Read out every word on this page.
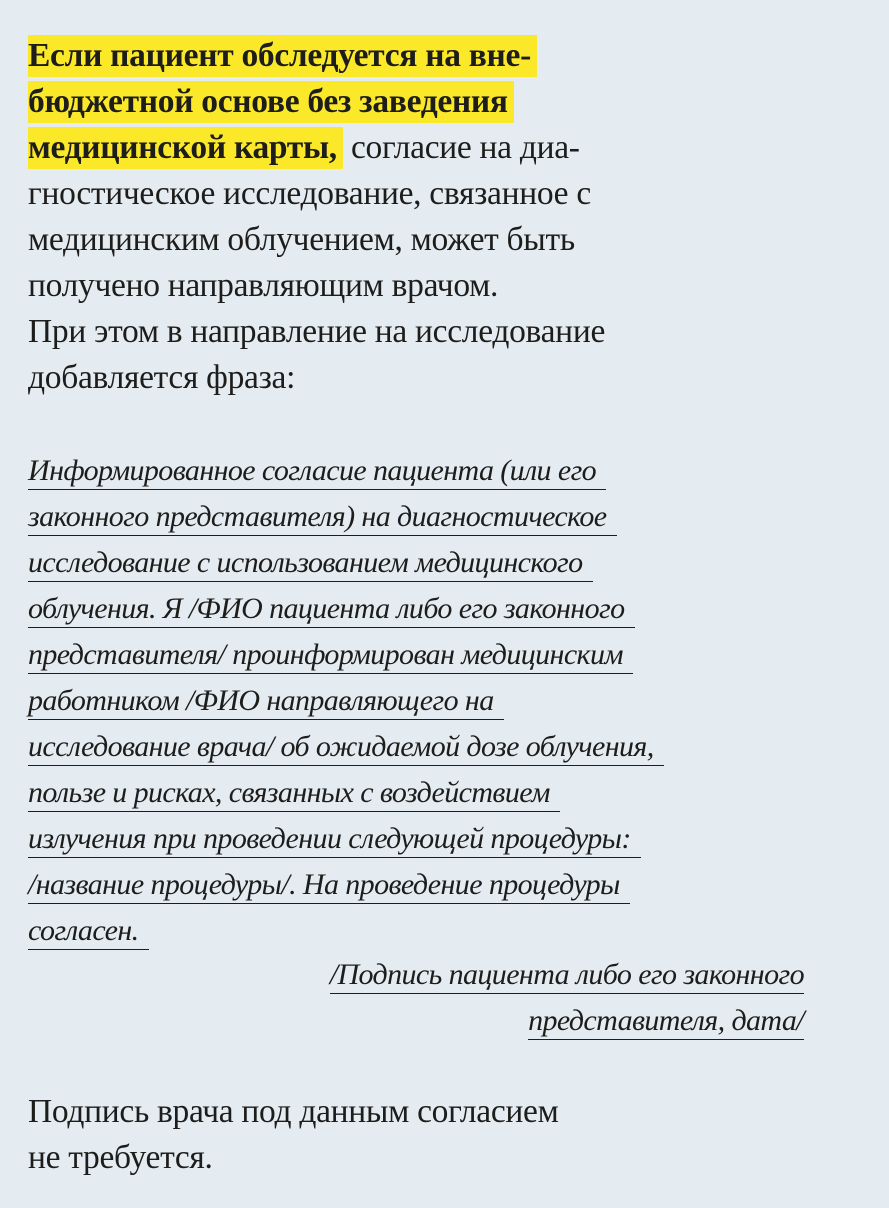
Если пациент обследуется на вне-
бюджетной основе без заведения
медицинской карты, согласие на диа-
гностическое исследование, связанное с
медицинским облучением, может быть
получено направляющим врачом.
При этом в направление на исследование
добавляется фраза:
Информированное согласие пациента (или его
законного представителя) на диагностическое
исследование с использованием медицинского
облучения. Я /ФИО пациента либо его законного
представителя/ проинформирован медицинским
работником /ФИО направляющего на
исследование врача/ об ожидаемой дозе облучения,
пользе и рисках, связанных с воздействием
излучения при проведении следующей процедуры:
/название процедуры/. На проведение процедуры
согласен.
/Подпись пациента либо его законного
представителя, дата/
Подпись врача под данным согласием
не требуется.
